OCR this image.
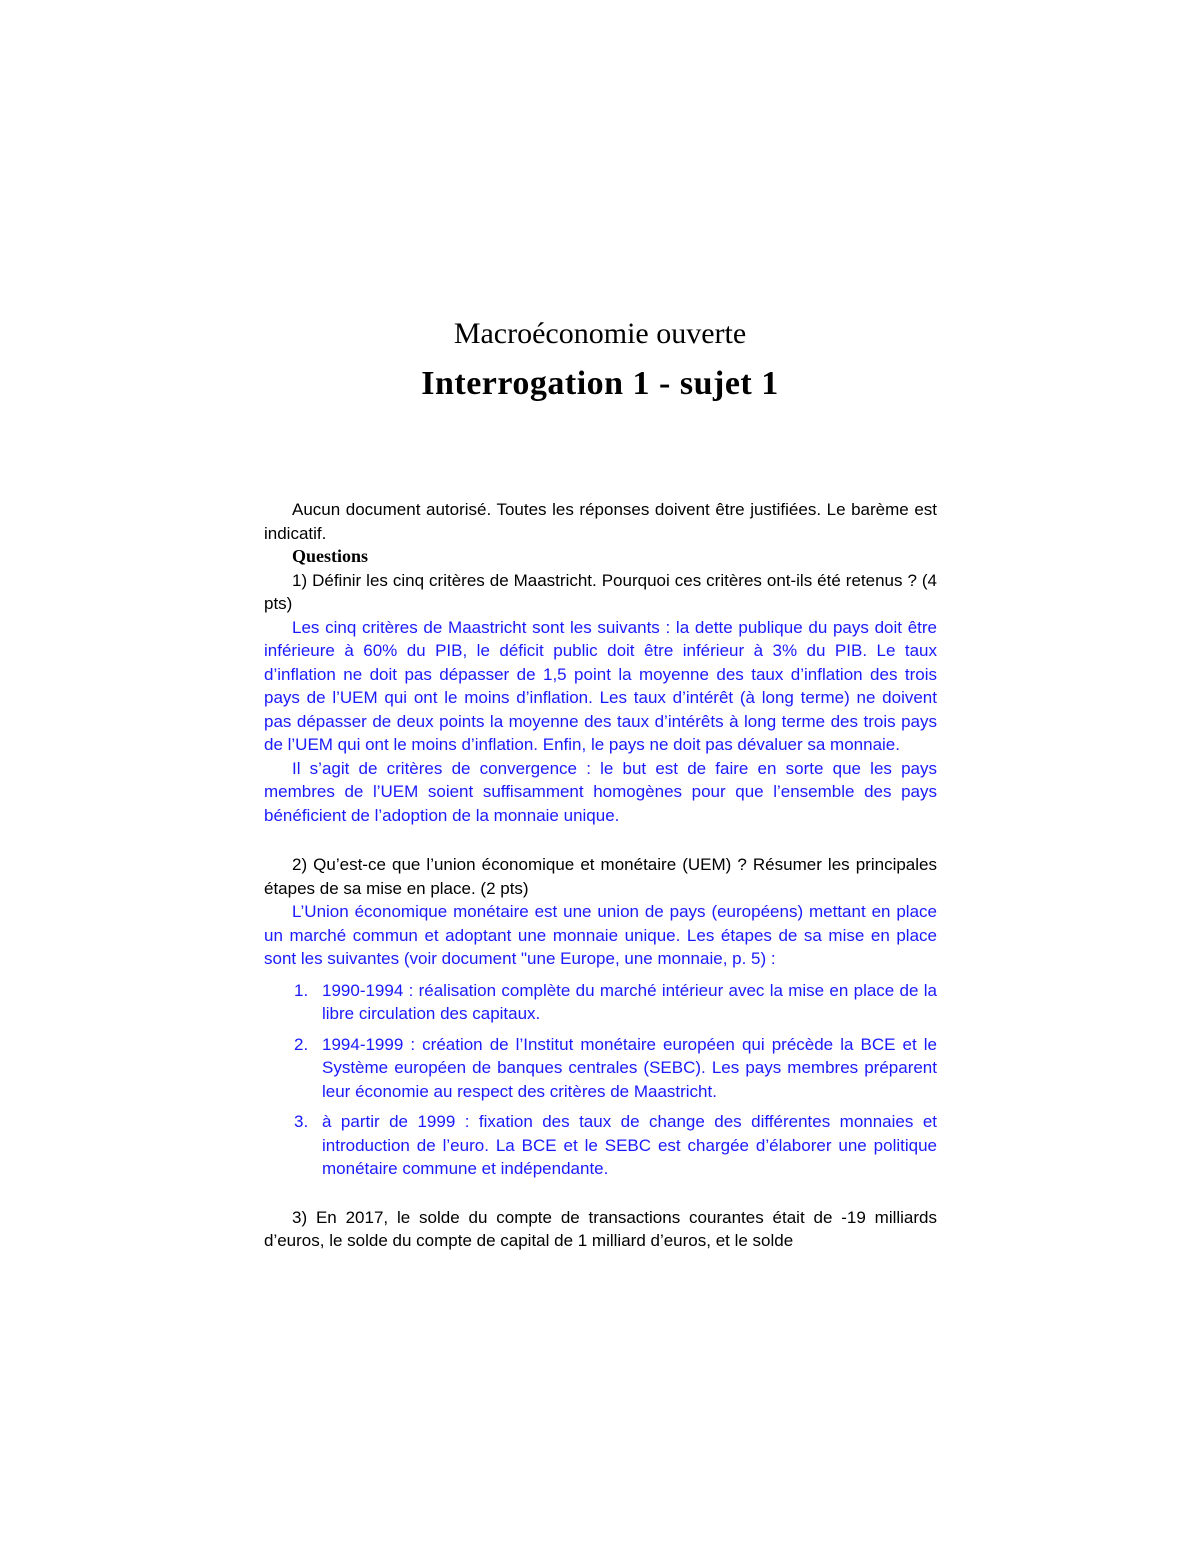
Macroéconomie ouverte
Interrogation 1 - sujet 1

Aucun document autorisé. Toutes les réponses doivent être justifiées. Le barème est indicatif.

Questions

1) Définir les cinq critères de Maastricht. Pourquoi ces critères ont-ils été retenus ? (4 pts)

Les cinq critères de Maastricht sont les suivants : la dette publique du pays doit être inférieure à 60% du PIB, le déficit public doit être inférieur à 3% du PIB. Le taux d’inflation ne doit pas dépasser de 1,5 point la moyenne des taux d’inflation des trois pays de l’UEM qui ont le moins d’inflation. Les taux d’intérêt (à long terme) ne doivent pas dépasser de deux points la moyenne des taux d’intérêts à long terme des trois pays de l’UEM qui ont le moins d’inflation. Enfin, le pays ne doit pas dévaluer sa monnaie.

Il s’agit de critères de convergence : le but est de faire en sorte que les pays membres de l’UEM soient suffisamment homogènes pour que l’ensemble des pays bénéficient de l’adoption de la monnaie unique.

2) Qu’est-ce que l’union économique et monétaire (UEM) ? Résumer les principales étapes de sa mise en place. (2 pts)

L’Union économique monétaire est une union de pays (européens) mettant en place un marché commun et adoptant une monnaie unique. Les étapes de sa mise en place sont les suivantes (voir document "une Europe, une monnaie, p. 5) :

1. 1990-1994 : réalisation complète du marché intérieur avec la mise en place de la libre circulation des capitaux.
2. 1994-1999 : création de l’Institut monétaire européen qui précède la BCE et le Système européen de banques centrales (SEBC). Les pays membres préparent leur économie au respect des critères de Maastricht.
3. à partir de 1999 : fixation des taux de change des différentes monnaies et introduction de l’euro. La BCE et le SEBC est chargée d’élaborer une politique monétaire commune et indépendante.

3) En 2017, le solde du compte de transactions courantes était de -19 milliards d’euros, le solde du compte de capital de 1 milliard d’euros, et le solde
